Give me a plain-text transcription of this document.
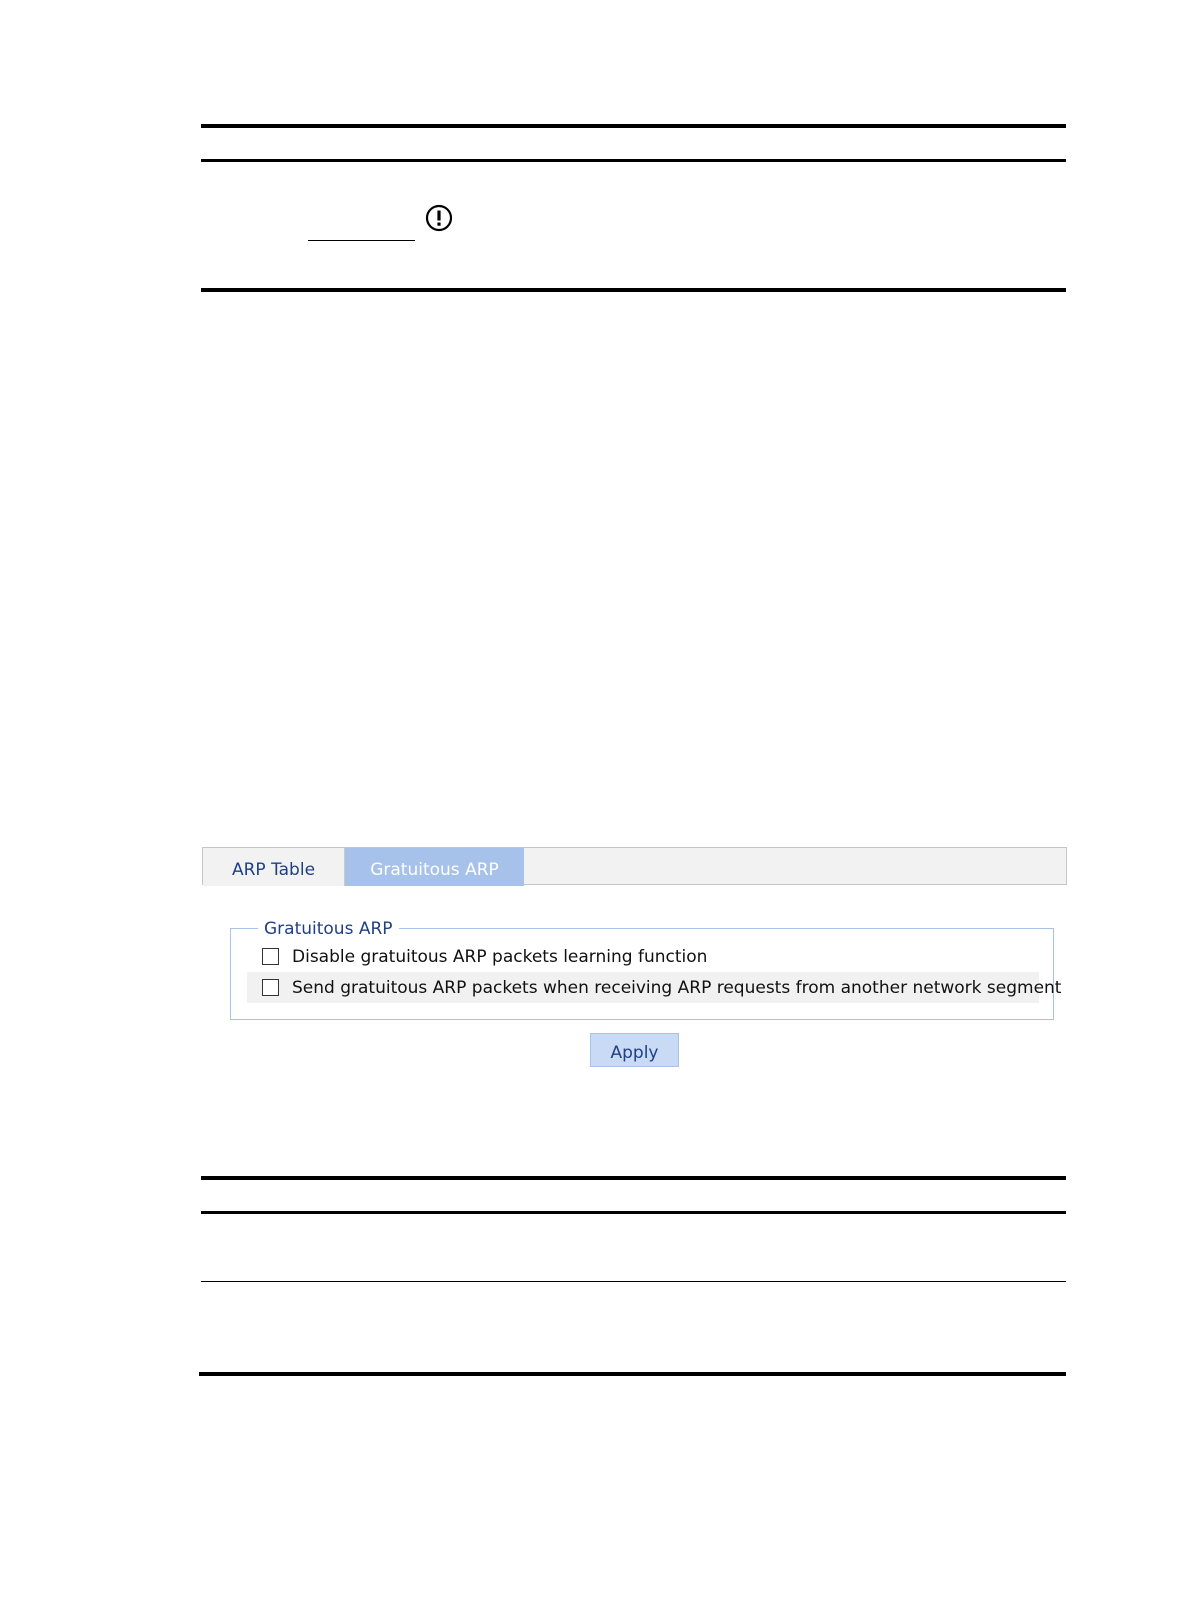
ARP Table	Gratuitous ARP
Gratuitous ARP
Disable gratuitous ARP packets learning function
Send gratuitous ARP packets when receiving ARP requests from another network segment
Apply
